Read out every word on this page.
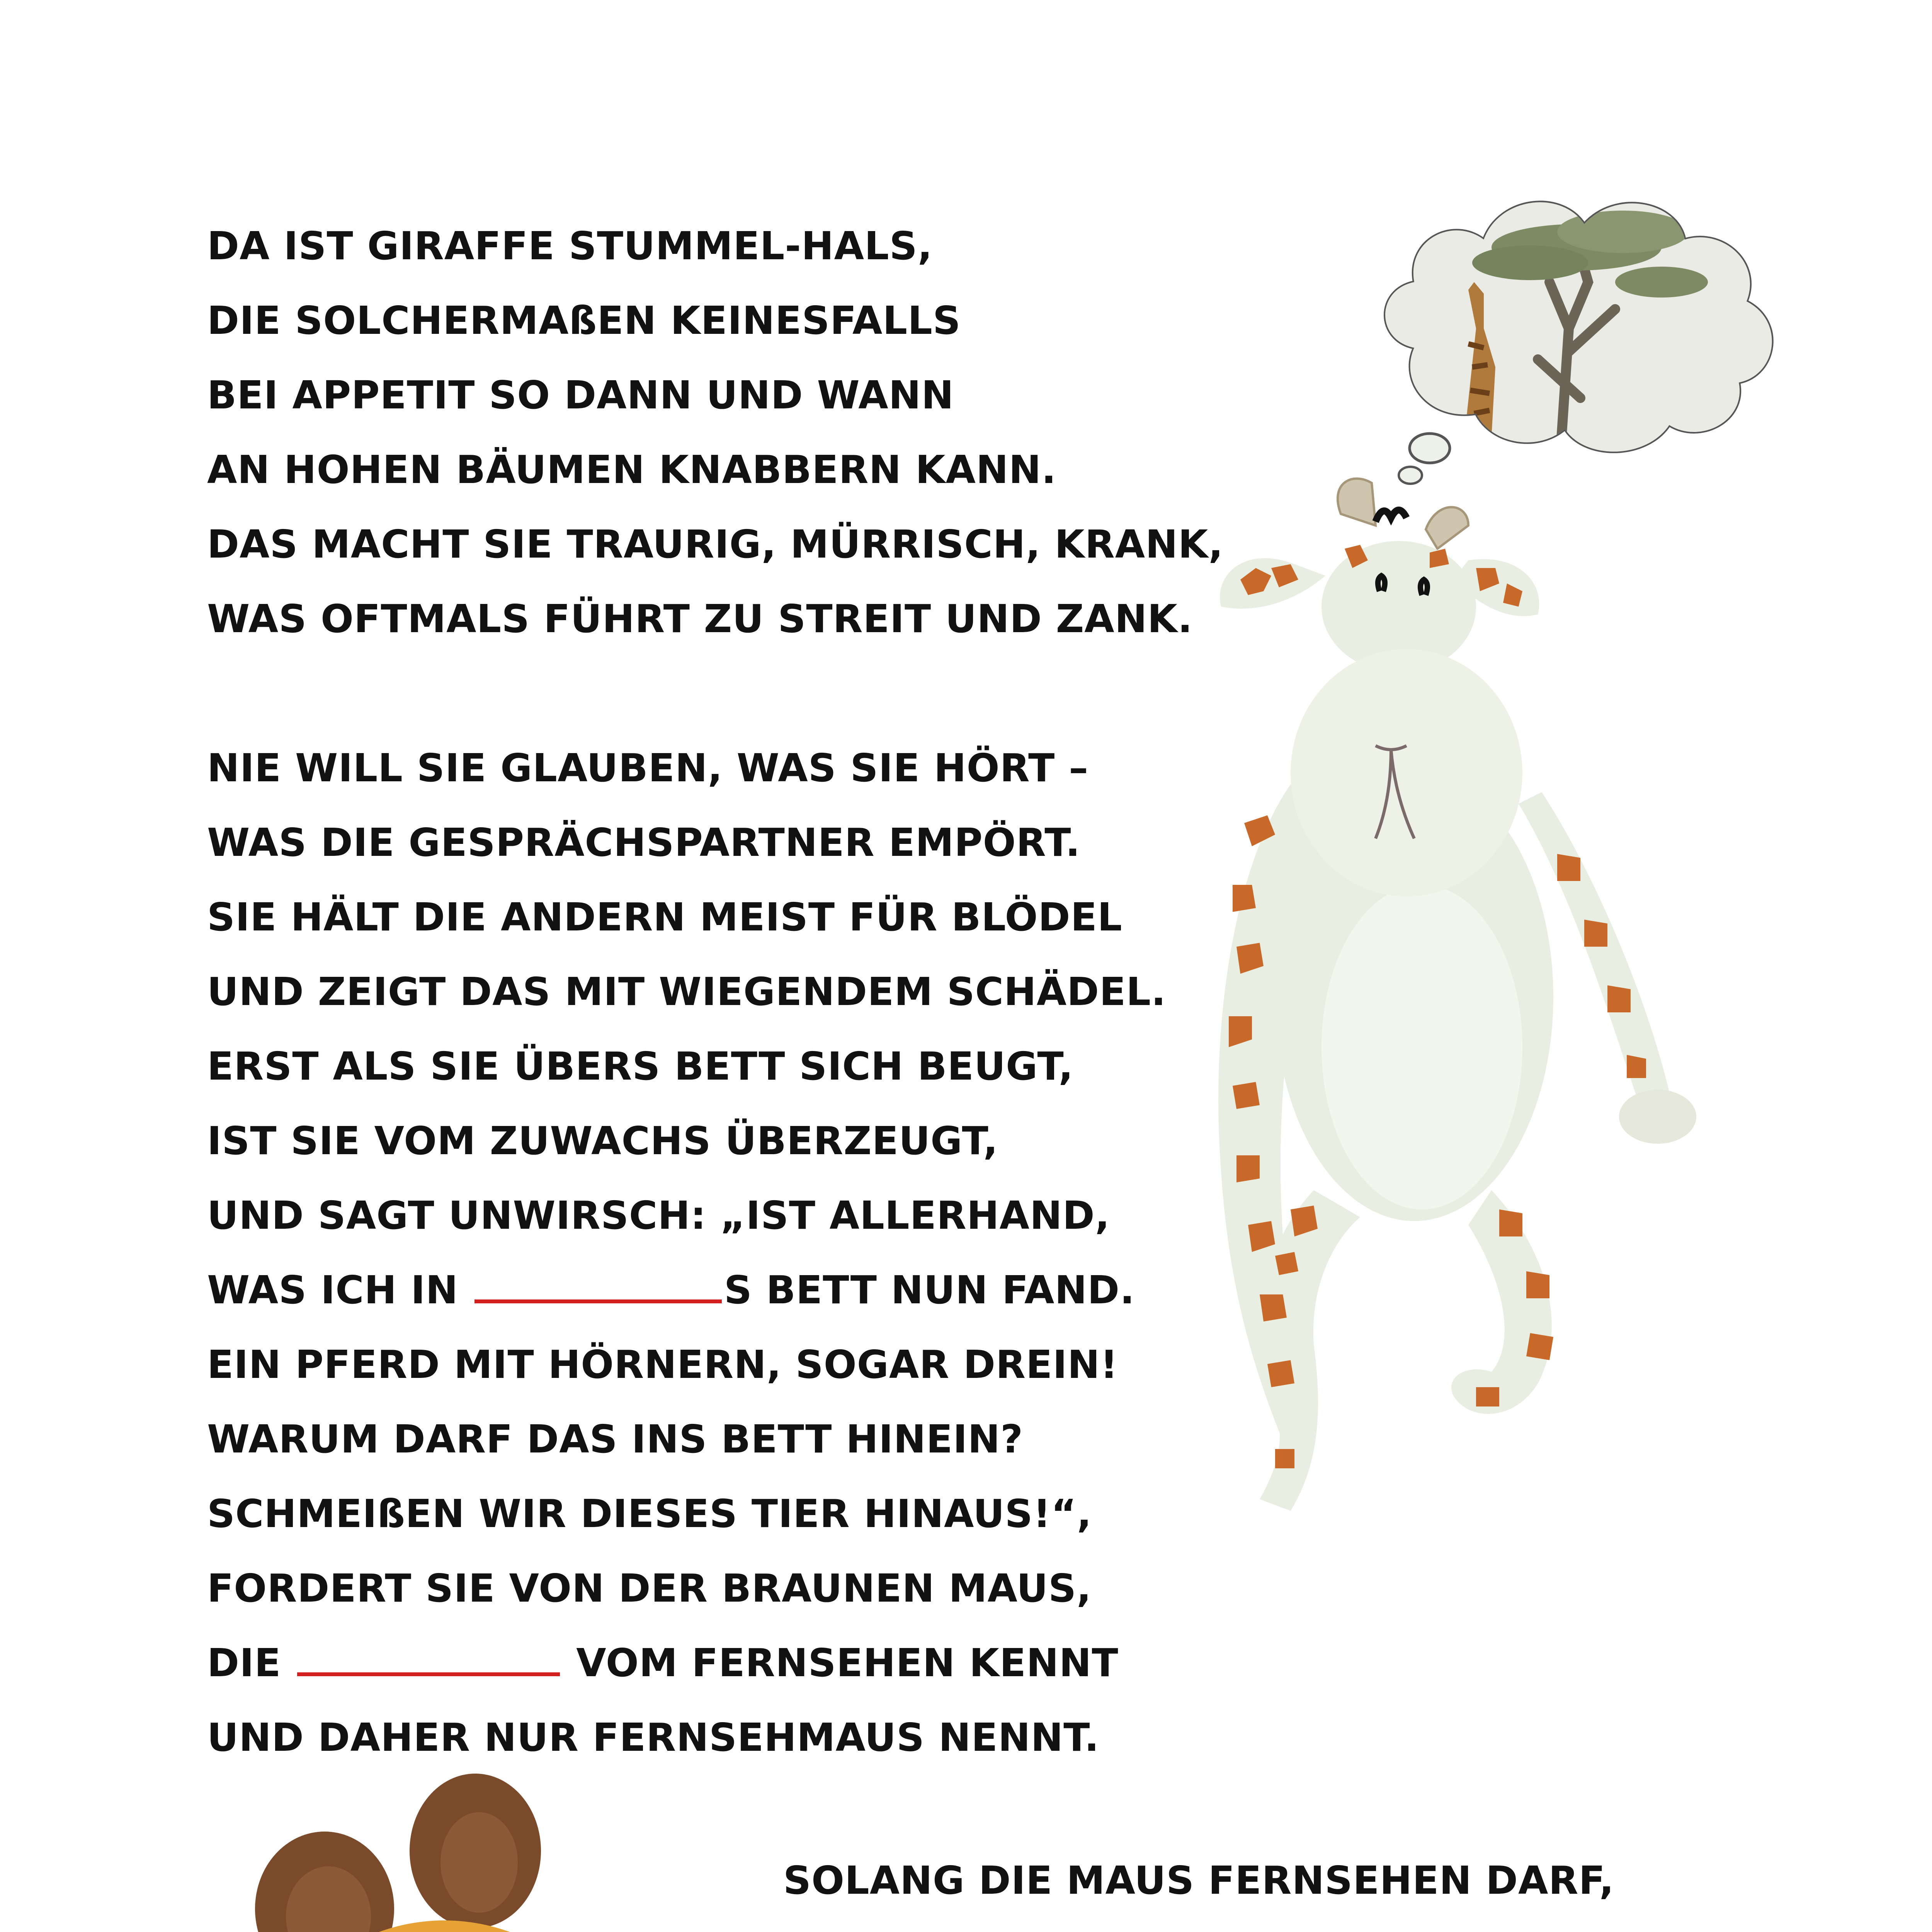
DA IST GIRAFFE STUMMEL-HALS,
DIE SOLCHERMAßEN KEINESFALLS
BEI APPETIT SO DANN UND WANN
AN HOHEN BÄUMEN KNABBERN KANN.
DAS MACHT SIE TRAURIG, MÜRRISCH, KRANK,
WAS OFTMALS FÜHRT ZU STREIT UND ZANK.
NIE WILL SIE GLAUBEN, WAS SIE HÖRT –
WAS DIE GESPRÄCHSPARTNER EMPÖRT.
SIE HÄLT DIE ANDERN MEIST FÜR BLÖDEL
UND ZEIGT DAS MIT WIEGENDEM SCHÄDEL.
ERST ALS SIE ÜBERS BETT SICH BEUGT,
IST SIE VOM ZUWACHS ÜBERZEUGT,
UND SAGT UNWIRSCH: „IST ALLERHAND,
WAS ICH IN	S BETT NUN FAND.
EIN PFERD MIT HÖRNERN, SOGAR DREIN!
WARUM DARF DAS INS BETT HINEIN?
SCHMEIßEN WIR DIESES TIER HINAUS!“,
FORDERT SIE VON DER BRAUNEN MAUS,
DIE	VOM FERNSEHEN KENNT
UND DAHER NUR FERNSEHMAUS NENNT.
SOLANG DIE MAUS FERNSEHEN DARF,
